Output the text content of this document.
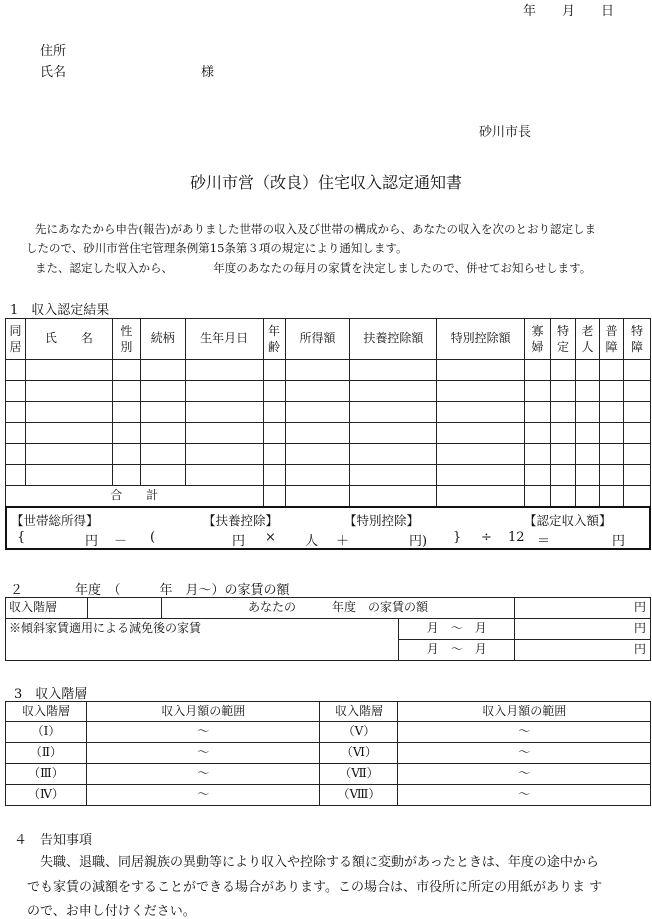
年　　月　　日
住所
氏名	様
砂川市長
砂川市営（改良）住宅収入認定通知書
先にあなたから申告(報告)がありました世帯の収入及び世帯の構成から、あなたの収入を次のとおり認定しま
したので、砂川市営住宅管理条例第15条第３項の規定により通知します。
また、認定した収入から、　　　　年度のあなたの毎月の家賃を決定しましたので、併せてお知らせします。
1　収入認定結果
同居	氏　　名	性別	続柄	生年月日	年齢	所得額	扶養控除額	特別控除額	寡婦	特定	老人	普障	特障

合　　計													
【世帯総所得】	【扶養控除】	【特別控除】	【認定収入額】
{	円 － (	円 × 人 ＋	円) } ÷ 12 ＝	円
２　　　　年度　（　　　年　月～）の家賃の額
収入階層		あなたの　　　年度　の家賃の額		円
※傾斜家賃適用による減免後の家賃			月　～　月	円
			月　～　月	円
3　収入階層
収入階層	収入月額の範囲	収入階層	収入月額の範囲
（Ⅰ）	～	（Ⅴ）	～
（Ⅱ）	～	（Ⅵ）	～
（Ⅲ）	～	（Ⅶ）	～
（Ⅳ）	～	（Ⅷ）	～
４　告知事項
失職、退職、同居親族の異動等により収入や控除する額に変動があったときは、年度の途中から
でも家賃の減額をすることができる場合があります。この場合は、市役所に所定の用紙がありま す
ので、お申し付けください。
